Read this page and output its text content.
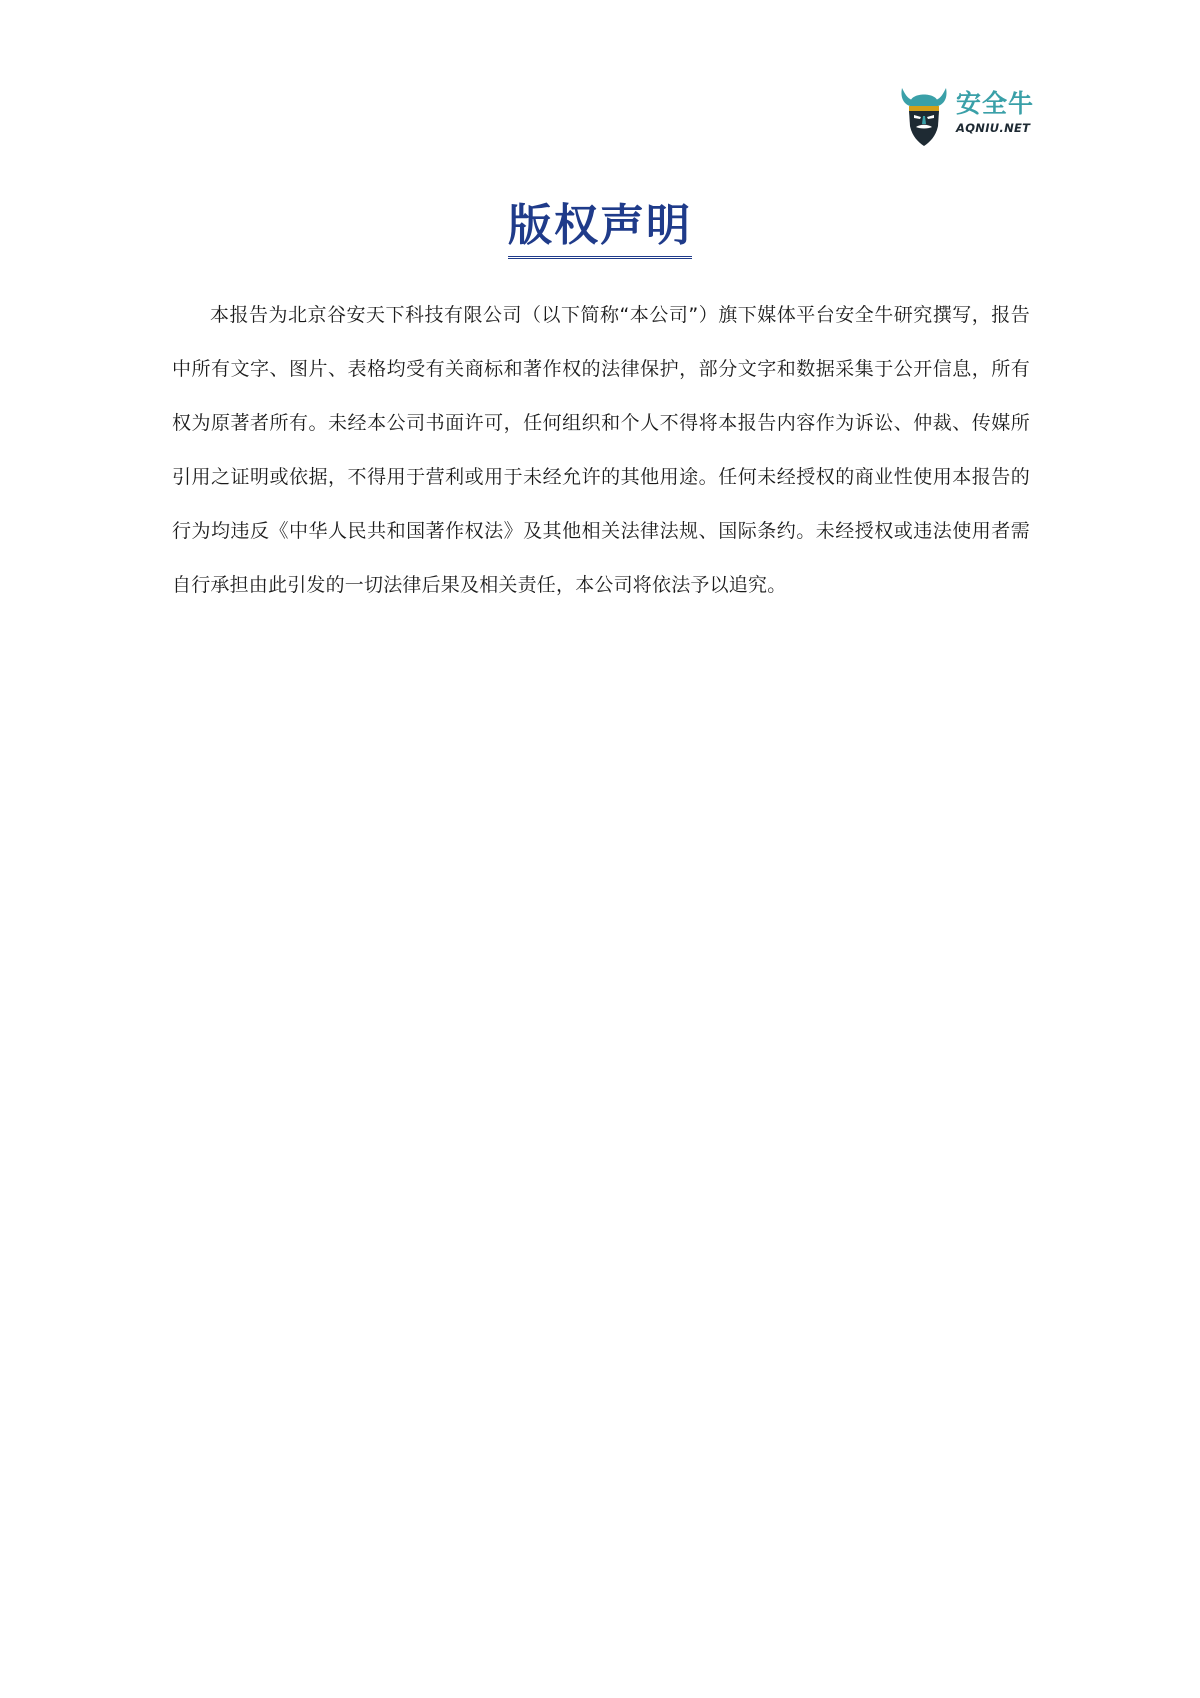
安全牛
AQNIU.NET
版权声明

本报告为北京谷安天下科技有限公司（以下简称“本公司”）旗下媒体平台安全牛研究撰写，报告中所有文字、图片、表格均受有关商标和著作权的法律保护，部分文字和数据采集于公开信息，所有权为原著者所有。未经本公司书面许可，任何组织和个人不得将本报告内容作为诉讼、仲裁、传媒所引用之证明或依据，不得用于营利或用于未经允许的其他用途。任何未经授权的商业性使用本报告的行为均违反《中华人民共和国著作权法》及其他相关法律法规、国际条约。未经授权或违法使用者需自行承担由此引发的一切法律后果及相关责任，本公司将依法予以追究。
